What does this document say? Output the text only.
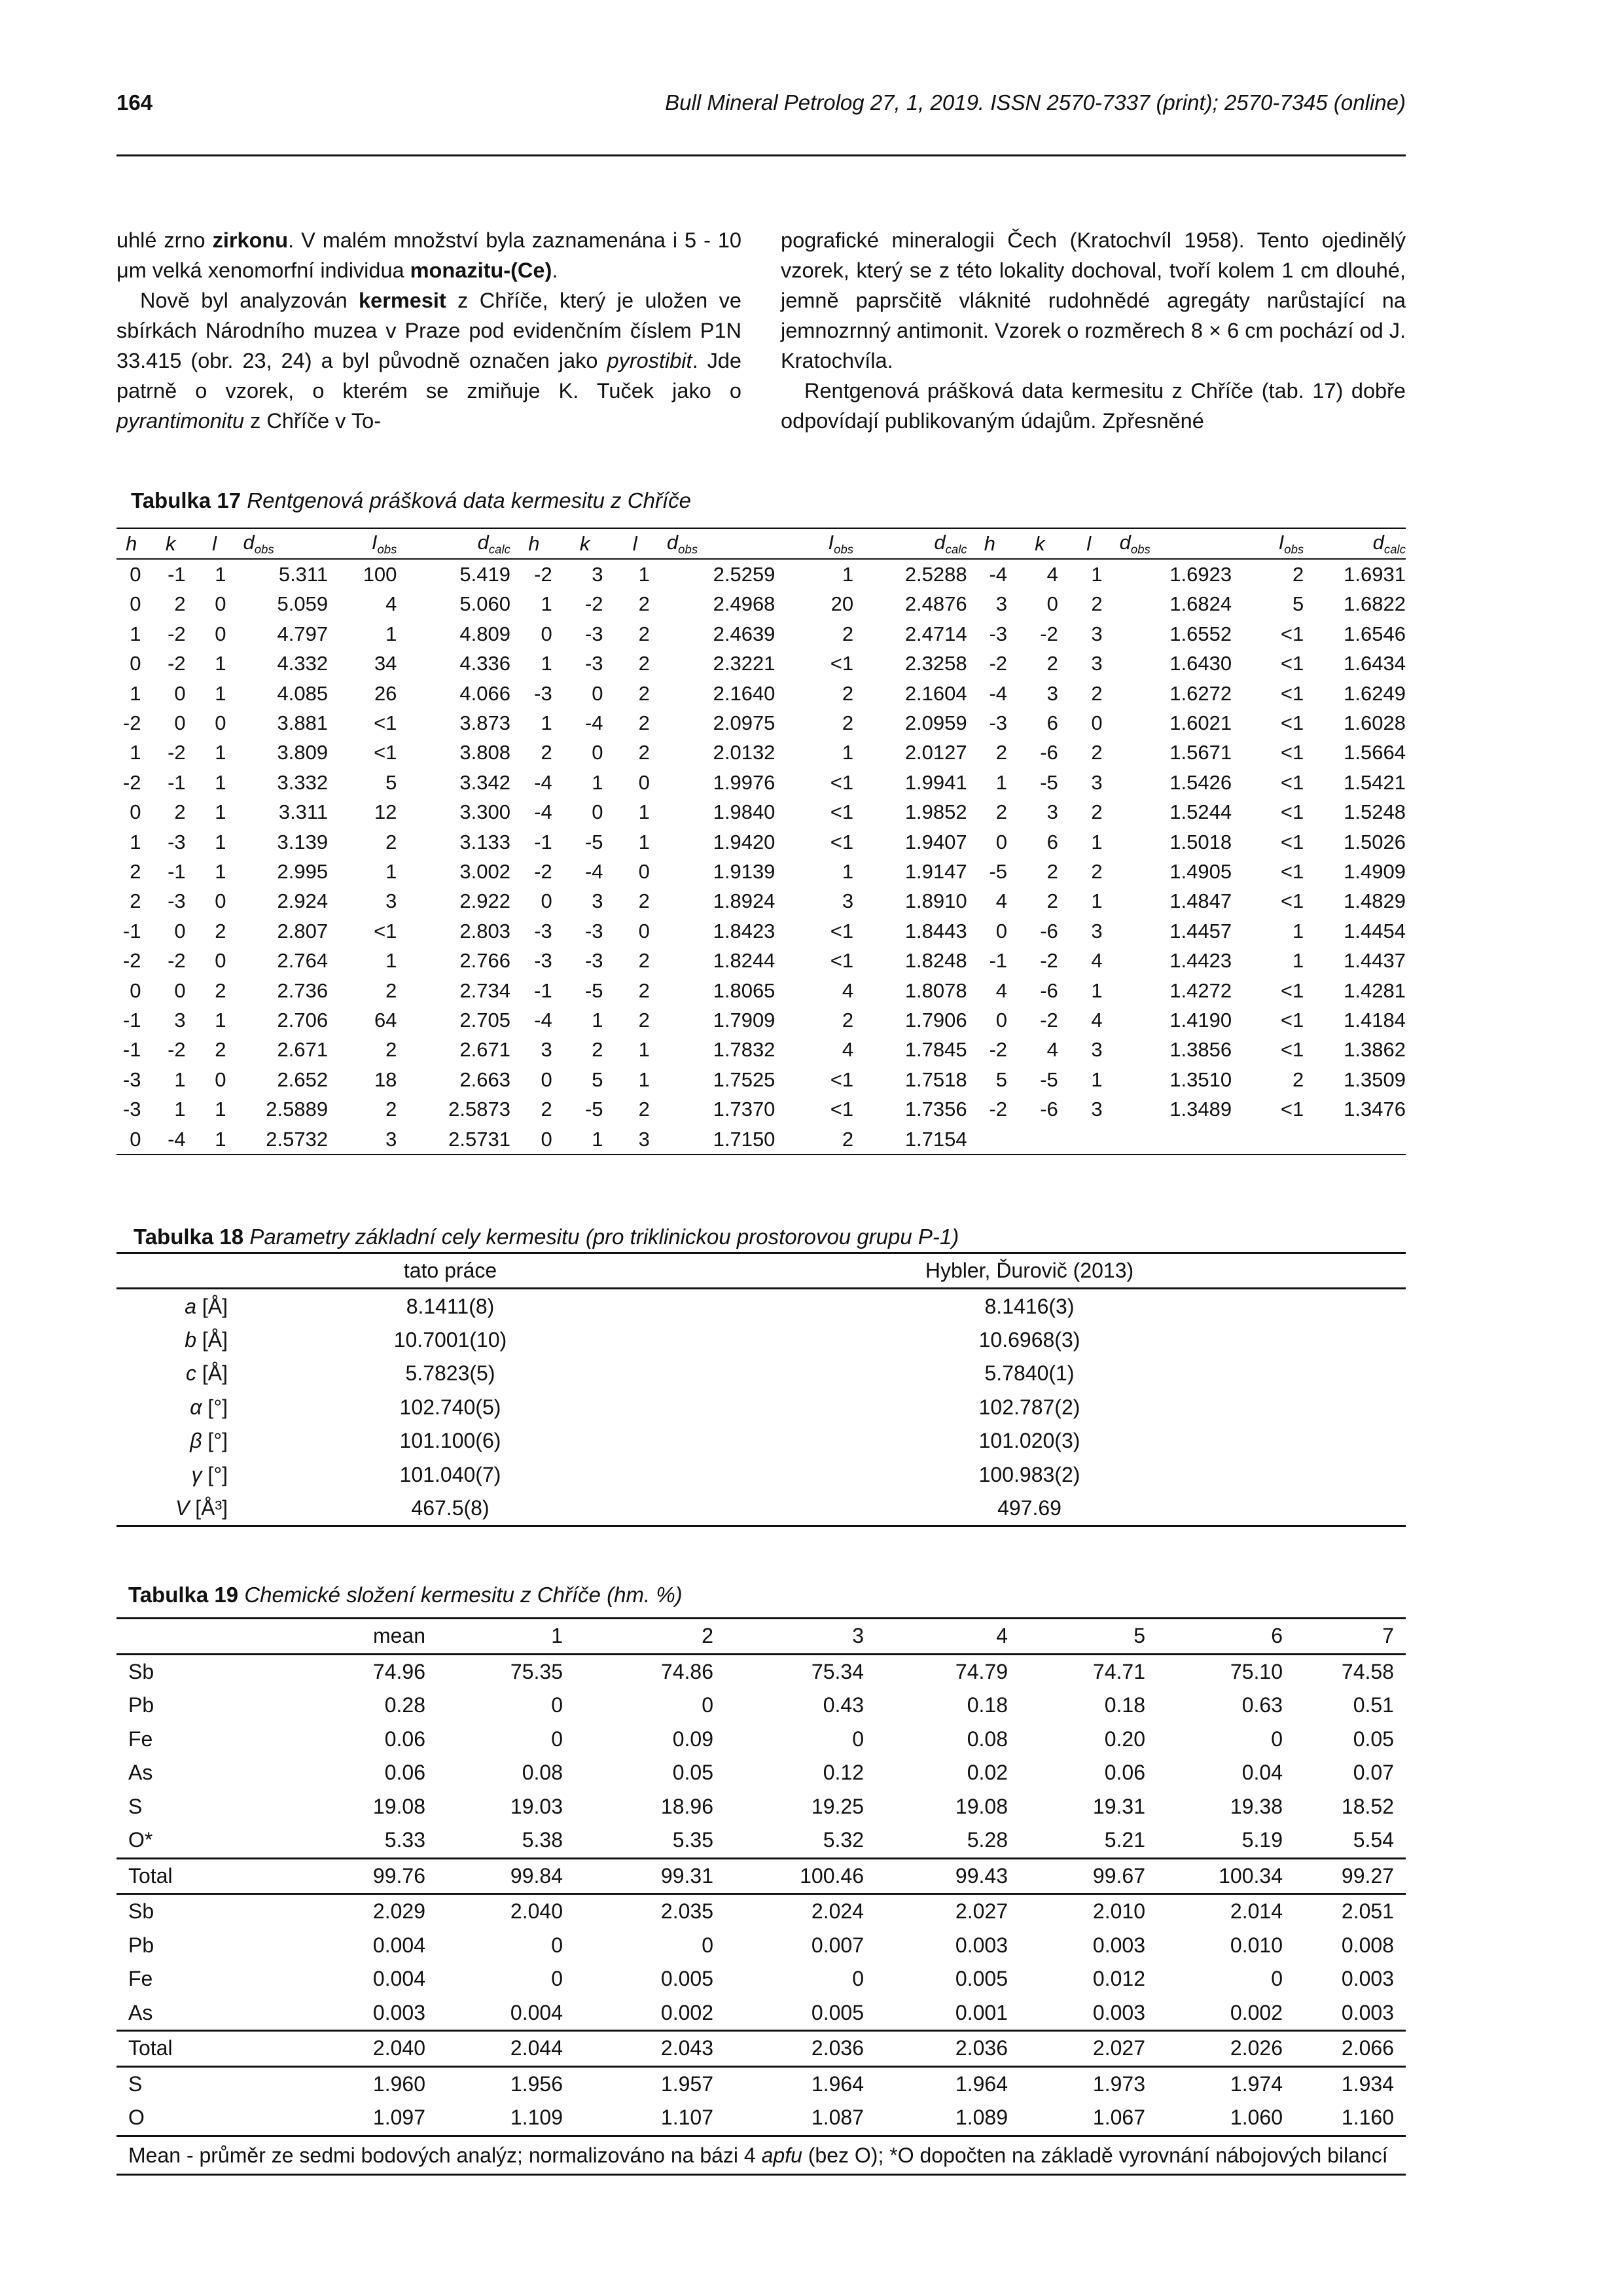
164	Bull Mineral Petrolog 27, 1, 2019. ISSN 2570-7337 (print); 2570-7345 (online)

uhlé zrno zirkonu. V malém množství byla zaznamenána i 5 - 10 μm velká xenomorfní individua monazitu-(Ce).

Nově byl analyzován kermesit z Chříče, který je uložen ve sbírkách Národního muzea v Praze pod evidenčním číslem P1N 33.415 (obr. 23, 24) a byl původně označen jako pyrostibit. Jde patrně o vzorek, o kterém se zmiňuje K. Tuček jako o pyrantimonitu z Chříče v To-

pografické mineralogii Čech (Kratochvíl 1958). Tento ojedinělý vzorek, který se z této lokality dochoval, tvoří kolem 1 cm dlouhé, jemně paprsčitě vláknité rudohnědé agregáty narůstající na jemnozrnný antimonit. Vzorek o rozměrech 8 × 6 cm pochází od J. Kratochvíla.

Rentgenová prášková data kermesitu z Chříče (tab. 17) dobře odpovídají publikovaným údajům. Zpřesněné

Tabulka 17 Rentgenová prášková data kermesitu z Chříče
h	k	l	$d_{obs}$	$I_{obs}$	$d_{calc}$	h	k	l	$d_{obs}$	$I_{obs}$	$d_{calc}$	h	k	l	$d_{obs}$	$I_{obs}$	$d_{calc}$
0	-1	1	5.311	100	5.419	-2	3	1	2.5259	1	2.5288	-4	4	1	1.6923	2	1.6931
0	2	0	5.059	4	5.060	1	-2	2	2.4968	20	2.4876	3	0	2	1.6824	5	1.6822
1	-2	0	4.797	1	4.809	0	-3	2	2.4639	2	2.4714	-3	-2	3	1.6552	<1	1.6546
0	-2	1	4.332	34	4.336	1	-3	2	2.3221	<1	2.3258	-2	2	3	1.6430	<1	1.6434
1	0	1	4.085	26	4.066	-3	0	2	2.1640	2	2.1604	-4	3	2	1.6272	<1	1.6249
-2	0	0	3.881	<1	3.873	1	-4	2	2.0975	2	2.0959	-3	6	0	1.6021	<1	1.6028
1	-2	1	3.809	<1	3.808	2	0	2	2.0132	1	2.0127	2	-6	2	1.5671	<1	1.5664
-2	-1	1	3.332	5	3.342	-4	1	0	1.9976	<1	1.9941	1	-5	3	1.5426	<1	1.5421
0	2	1	3.311	12	3.300	-4	0	1	1.9840	<1	1.9852	2	3	2	1.5244	<1	1.5248
1	-3	1	3.139	2	3.133	-1	-5	1	1.9420	<1	1.9407	0	6	1	1.5018	<1	1.5026
2	-1	1	2.995	1	3.002	-2	-4	0	1.9139	1	1.9147	-5	2	2	1.4905	<1	1.4909
2	-3	0	2.924	3	2.922	0	3	2	1.8924	3	1.8910	4	2	1	1.4847	<1	1.4829
-1	0	2	2.807	<1	2.803	-3	-3	0	1.8423	<1	1.8443	0	-6	3	1.4457	1	1.4454
-2	-2	0	2.764	1	2.766	-3	-3	2	1.8244	<1	1.8248	-1	-2	4	1.4423	1	1.4437
0	0	2	2.736	2	2.734	-1	-5	2	1.8065	4	1.8078	4	-6	1	1.4272	<1	1.4281
-1	3	1	2.706	64	2.705	-4	1	2	1.7909	2	1.7906	0	-2	4	1.4190	<1	1.4184
-1	-2	2	2.671	2	2.671	3	2	1	1.7832	4	1.7845	-2	4	3	1.3856	<1	1.3862
-3	1	0	2.652	18	2.663	0	5	1	1.7525	<1	1.7518	5	-5	1	1.3510	2	1.3509
-3	1	1	2.5889	2	2.5873	2	-5	2	1.7370	<1	1.7356	-2	-6	3	1.3489	<1	1.3476
0	-4	1	2.5732	3	2.5731	0	1	3	1.7150	2	1.7154						
Tabulka 18 Parametry základní cely kermesitu (pro triklinickou prostorovou grupu P-1)
	tato práce	Hybler, Ďurovič (2013)
a [Å]	8.1411(8)	8.1416(3)
b [Å]	10.7001(10)	10.6968(3)
c [Å]	5.7823(5)	5.7840(1)
α [°]	102.740(5)	102.787(2)
β [°]	101.100(6)	101.020(3)
γ [°]	101.040(7)	100.983(2)
V [Å³]	467.5(8)	497.69
Tabulka 19 Chemické složení kermesitu z Chříče (hm. %)
	mean	1	2	3	4	5	6	7
Sb	74.96	75.35	74.86	75.34	74.79	74.71	75.10	74.58
Pb	0.28	0	0	0.43	0.18	0.18	0.63	0.51
Fe	0.06	0	0.09	0	0.08	0.20	0	0.05
As	0.06	0.08	0.05	0.12	0.02	0.06	0.04	0.07
S	19.08	19.03	18.96	19.25	19.08	19.31	19.38	18.52
O*	5.33	5.38	5.35	5.32	5.28	5.21	5.19	5.54
Total	99.76	99.84	99.31	100.46	99.43	99.67	100.34	99.27
Sb	2.029	2.040	2.035	2.024	2.027	2.010	2.014	2.051
Pb	0.004	0	0	0.007	0.003	0.003	0.010	0.008
Fe	0.004	0	0.005	0	0.005	0.012	0	0.003
As	0.003	0.004	0.002	0.005	0.001	0.003	0.002	0.003
Total	2.040	2.044	2.043	2.036	2.036	2.027	2.026	2.066
S	1.960	1.956	1.957	1.964	1.964	1.973	1.974	1.934
O	1.097	1.109	1.107	1.087	1.089	1.067	1.060	1.160
Mean - průměr ze sedmi bodových analýz; normalizováno na bázi 4 apfu (bez O); *O dopočten na základě vyrovnání nábojových bilancí								
